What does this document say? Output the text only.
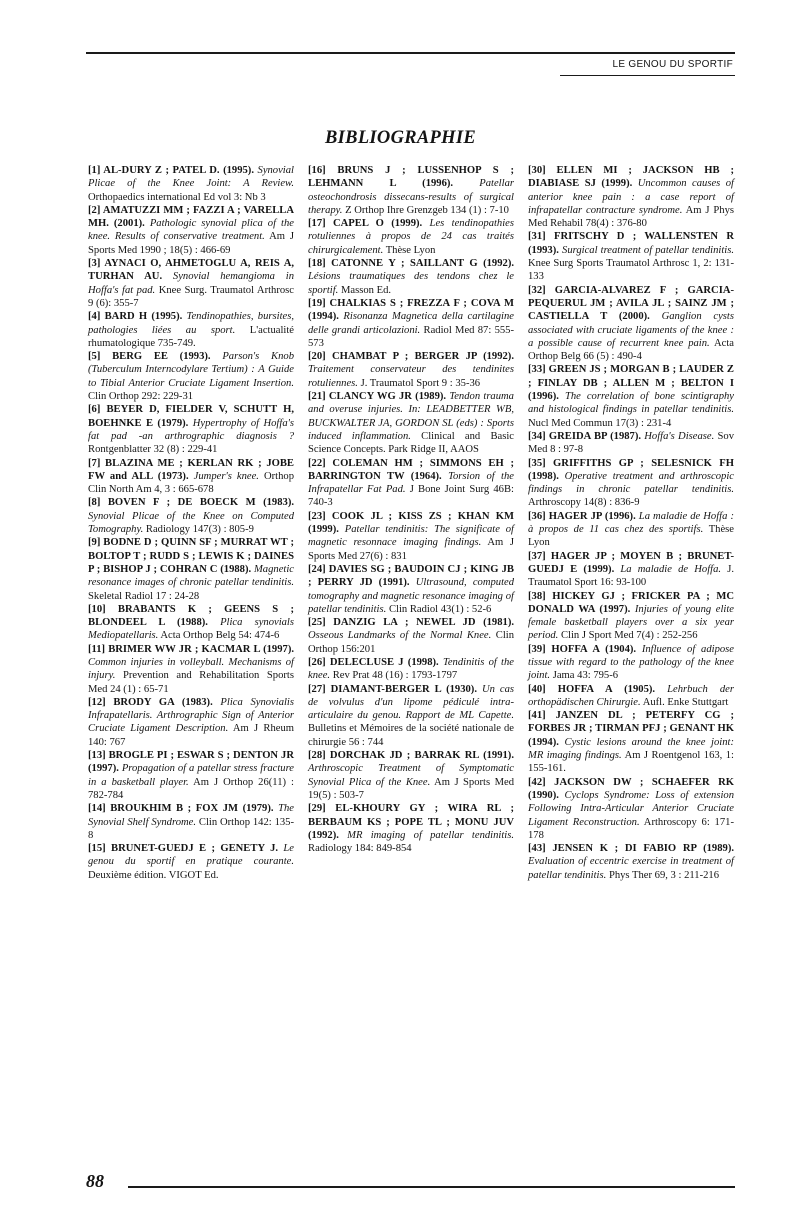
LE GENOU DU SPORTIF
BIBLIOGRAPHIE

[1] AL-DURY Z ; PATEL D. (1995). Synovial Plicae of the Knee Joint: A Review. Orthopaedics international Ed vol 3: Nb 3

[2] AMATUZZI MM ; FAZZI A ; VARELLA MH. (2001). Pathologic synovial plica of the knee. Results of conservative treatment. Am J Sports Med 1990 ; 18(5) : 466-69

[3] AYNACI O, AHMETOGLU A, REIS A, TURHAN AU. Synovial hemangioma in Hoffa's fat pad. Knee Surg. Traumatol Arthrosc 9 (6): 355-7

[4] BARD H (1995). Tendinopathies, bursites, pathologies liées au sport. L'actualité rhumatologique 735-749.

[5] BERG EE (1993). Parson's Knob (Tuberculum Interncodylare Tertium) : A Guide to Tibial Anterior Cruciate Ligament Insertion. Clin Orthop 292: 229-31

[6] BEYER D, FIELDER V, SCHUTT H, BOEHNKE E (1979). Hypertrophy of Hoffa's fat pad -an arthrographic diagnosis ? Rontgenblatter 32 (8) : 229-41

[7] BLAZINA ME ; KERLAN RK ; JOBE FW and ALL (1973). Jumper's knee. Orthop Clin North Am 4, 3 : 665-678

[8] BOVEN F ; DE BOECK M (1983). Synovial Plicae of the Knee on Computed Tomography. Radiology 147(3) : 805-9

[9] BODNE D ; QUINN SF ; MURRAT WT ; BOLTOP T ; RUDD S ; LEWIS K ; DAINES P ; BISHOP J ; COHRAN C (1988). Magnetic resonance images of chronic patellar tendinitis. Skeletal Radiol 17 : 24-28

[10] BRABANTS K ; GEENS S ; BLONDEEL L (1988). Plica synovials Mediopatellaris. Acta Orthop Belg 54: 474-6

[11] BRIMER WW JR ; KACMAR L (1997). Common injuries in volleyball. Mechanisms of injury. Prevention and Rehabilitation Sports Med 24 (1) : 65-71

[12] BRODY GA (1983). Plica Synovialis Infrapatellaris. Arthrographic Sign of Anterior Cruciate Ligament Description. Am J Rheum 140: 767

[13] BROGLE PI ; ESWAR S ; DENTON JR (1997). Propagation of a patellar stress fracture in a basketball player. Am J Orthop 26(11) : 782-784

[14] BROUKHIM B ; FOX JM (1979). The Synovial Shelf Syndrome. Clin Orthop 142: 135-8

[15] BRUNET-GUEDJ E ; GENETY J. Le genou du sportif en pratique courante. Deuxième édition. VIGOT Ed.

[16] BRUNS J ; LUSSENHOP S ; LEHMANN L (1996). Patellar osteochondrosis dissecans-results of surgical therapy. Z Orthop Ihre Grenzgeb 134 (1) : 7-10

[17] CAPEL O (1999). Les tendinopathies rotuliennes à propos de 24 cas traités chirurgicalement. Thèse Lyon

[18] CATONNE Y ; SAILLANT G (1992). Lésions traumatiques des tendons chez le sportif. Masson Ed.

[19] CHALKIAS S ; FREZZA F ; COVA M (1994). Risonanza Magnetica della cartilagine delle grandi articolazioni. Radiol Med 87: 555-573

[20] CHAMBAT P ; BERGER JP (1992). Traitement conservateur des tendinites rotuliennes. J. Traumatol Sport 9 : 35-36

[21] CLANCY WG JR (1989). Tendon trauma and overuse injuries. In: LEADBETTER WB, BUCKWALTER JA, GORDON SL (eds) : Sports induced inflammation. Clinical and Basic Science Concepts. Park Ridge II, AAOS

[22] COLEMAN HM ; SIMMONS EH ; BARRINGTON TW (1964). Torsion of the Infrapatellar Fat Pad. J Bone Joint Surg 46B: 740-3

[23] COOK JL ; KISS ZS ; KHAN KM (1999). Patellar tendinitis: The significate of magnetic resonnace imaging findings. Am J Sports Med 27(6) : 831

[24] DAVIES SG ; BAUDOIN CJ ; KING JB ; PERRY JD (1991). Ultrasound, computed tomography and magnetic resonance imaging of patellar tendinitis. Clin Radiol 43(1) : 52-6

[25] DANZIG LA ; NEWEL JD (1981). Osseous Landmarks of the Normal Knee. Clin Orthop 156:201

[26] DELECLUSE J (1998). Tendinitis of the knee. Rev Prat 48 (16) : 1793-1797

[27] DIAMANT-BERGER L (1930). Un cas de volvulus d'un lipome pédiculé intra-articulaire du genou. Rapport de ML Capette. Bulletins et Mémoires de la société nationale de chirurgie 56 : 744

[28] DORCHAK JD ; BARRAK RL (1991). Arthroscopic Treatment of Symptomatic Synovial Plica of the Knee. Am J Sports Med 19(5) : 503-7

[29] EL-KHOURY GY ; WIRA RL ; BERBAUM KS ; POPE TL ; MONU JUV (1992). MR imaging of patellar tendinitis. Radiology 184: 849-854

[30] ELLEN MI ; JACKSON HB ; DIABIASE SJ (1999). Uncommon causes of anterior knee pain : a case report of infrapatellar contracture syndrome. Am J Phys Med Rehabil 78(4) : 376-80

[31] FRITSCHY D ; WALLENSTEN R (1993). Surgical treatment of patellar tendinitis. Knee Surg Sports Traumatol Arthrosc 1, 2: 131-133

[32] GARCIA-ALVAREZ F ; GARCIA-PEQUERUL JM ; AVILA JL ; SAINZ JM ; CASTIELLA T (2000). Ganglion cysts associated with cruciate ligaments of the knee : a possible cause of recurrent knee pain. Acta Orthop Belg 66 (5) : 490-4

[33] GREEN JS ; MORGAN B ; LAUDER Z ; FINLAY DB ; ALLEN M ; BELTON I (1996). The correlation of bone scintigraphy and histological findings in patellar tendinitis. Nucl Med Commun 17(3) : 231-4

[34] GREIDA BP (1987). Hoffa's Disease. Sov Med 8 : 97-8

[35] GRIFFITHS GP ; SELESNICK FH (1998). Operative treatment and arthroscopic findings in chronic patellar tendinitis. Arthroscopy 14(8) : 836-9

[36] HAGER JP (1996). La maladie de Hoffa : à propos de 11 cas chez des sportifs. Thèse Lyon

[37] HAGER JP ; MOYEN B ; BRUNET-GUEDJ E (1999). La maladie de Hoffa. J. Traumatol Sport 16: 93-100

[38] HICKEY GJ ; FRICKER PA ; MC DONALD WA (1997). Injuries of young elite female basketball players over a six year period. Clin J Sport Med 7(4) : 252-256

[39] HOFFA A (1904). Influence of adipose tissue with regard to the pathology of the knee joint. Jama 43: 795-6

[40] HOFFA A (1905). Lehrbuch der orthopädischen Chirurgie. Aufl. Enke Stuttgart

[41] JANZEN DL ; PETERFY CG ; FORBES JR ; TIRMAN PFJ ; GENANT HK (1994). Cystic lesions around the knee joint: MR imaging findings. Am J Roentgenol 163, 1: 155-161.

[42] JACKSON DW ; SCHAEFER RK (1990). Cyclops Syndrome: Loss of extension Following Intra-Articular Anterior Cruciate Ligament Reconstruction. Arthroscopy 6: 171-178

[43] JENSEN K ; DI FABIO RP (1989). Evaluation of eccentric exercise in treatment of patellar tendinitis. Phys Ther 69, 3 : 211-216

88
